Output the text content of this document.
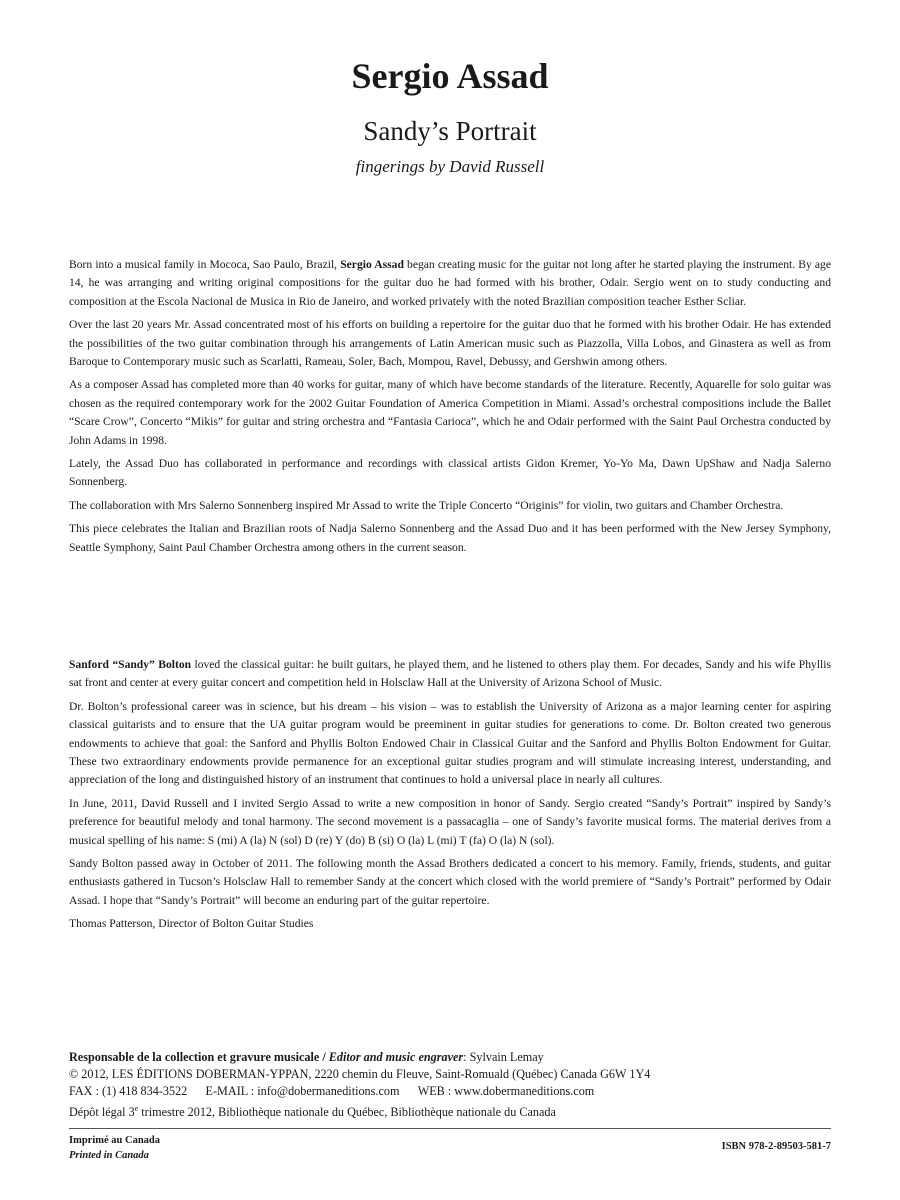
Sergio Assad
Sandy’s Portrait

fingerings by David Russell

Born into a musical family in Mococa, Sao Paulo, Brazil, Sergio Assad began creating music for the guitar not long after he started playing the instrument. By age 14, he was arranging and writing original compositions for the guitar duo he had formed with his brother, Odair. Sergio went on to study conducting and composition at the Escola Nacional de Musica in Rio de Janeiro, and worked privately with the noted Brazilian composition teacher Esther Scliar.

Over the last 20 years Mr. Assad concentrated most of his efforts on building a repertoire for the guitar duo that he formed with his brother Odair. He has extended the possibilities of the two guitar combination through his arrangements of Latin American music such as Piazzolla, Villa Lobos, and Ginastera as well as from Baroque to Contemporary music such as Scarlatti, Rameau, Soler, Bach, Mompou, Ravel, Debussy, and Gershwin among others.

As a composer Assad has completed more than 40 works for guitar, many of which have become standards of the literature. Recently, Aquarelle for solo guitar was chosen as the required contemporary work for the 2002 Guitar Foundation of America Competition in Miami. Assad’s orchestral compositions include the Ballet “Scare Crow”, Concerto “Mikis” for guitar and string orchestra and “Fantasia Carioca”, which he and Odair performed with the Saint Paul Orchestra conducted by John Adams in 1998.

Lately, the Assad Duo has collaborated in performance and recordings with classical artists Gidon Kremer, Yo-Yo Ma, Dawn UpShaw and Nadja Salerno Sonnenberg.

The collaboration with Mrs Salerno Sonnenberg inspired Mr Assad to write the Triple Concerto “Originis” for violin, two guitars and Chamber Orchestra.

This piece celebrates the Italian and Brazilian roots of Nadja Salerno Sonnenberg and the Assad Duo and it has been performed with the New Jersey Symphony, Seattle Symphony, Saint Paul Chamber Orchestra among others in the current season.

Sanford “Sandy” Bolton loved the classical guitar: he built guitars, he played them, and he listened to others play them. For decades, Sandy and his wife Phyllis sat front and center at every guitar concert and competition held in Holsclaw Hall at the University of Arizona School of Music.

Dr. Bolton’s professional career was in science, but his dream – his vision – was to establish the University of Arizona as a major learning center for aspiring classical guitarists and to ensure that the UA guitar program would be preeminent in guitar studies for generations to come. Dr. Bolton created two generous endowments to achieve that goal: the Sanford and Phyllis Bolton Endowed Chair in Classical Guitar and the Sanford and Phyllis Bolton Endowment for Guitar. These two extraordinary endowments provide permanence for an exceptional guitar studies program and will stimulate increasing interest, understanding, and appreciation of the long and distinguished history of an instrument that continues to hold a universal place in nearly all cultures.

In June, 2011, David Russell and I invited Sergio Assad to write a new composition in honor of Sandy. Sergio created “Sandy’s Portrait” inspired by Sandy’s preference for beautiful melody and tonal harmony. The second movement is a passacaglia – one of Sandy’s favorite musical forms. The material derives from a musical spelling of his name: S (mi) A (la) N (sol) D (re) Y (do) B (si) O (la) L (mi) T (fa) O (la) N (sol).

Sandy Bolton passed away in October of 2011. The following month the Assad Brothers dedicated a concert to his memory. Family, friends, students, and guitar enthusiasts gathered in Tucson’s Holsclaw Hall to remember Sandy at the concert which closed with the world premiere of “Sandy’s Portrait” performed by Odair Assad. I hope that “Sandy’s Portrait” will become an enduring part of the guitar repertoire.

Thomas Patterson, Director of Bolton Guitar Studies

Responsable de la collection et gravure musicale / Editor and music engraver: Sylvain Lemay

© 2012, LES ÉDITIONS DOBERMAN-YPPAN, 2220 chemin du Fleuve, Saint-Romuald (Québec) Canada G6W 1Y4

FAX : (1) 418 834-3522 E-MAIL : info@dobermaneditions.com WEB : www.dobermaneditions.com

Dépôt légal 3e trimestre 2012, Bibliothèque nationale du Québec, Bibliothèque nationale du Canada

Imprimé au Canada
Printed in Canada
ISBN 978-2-89503-581-7
